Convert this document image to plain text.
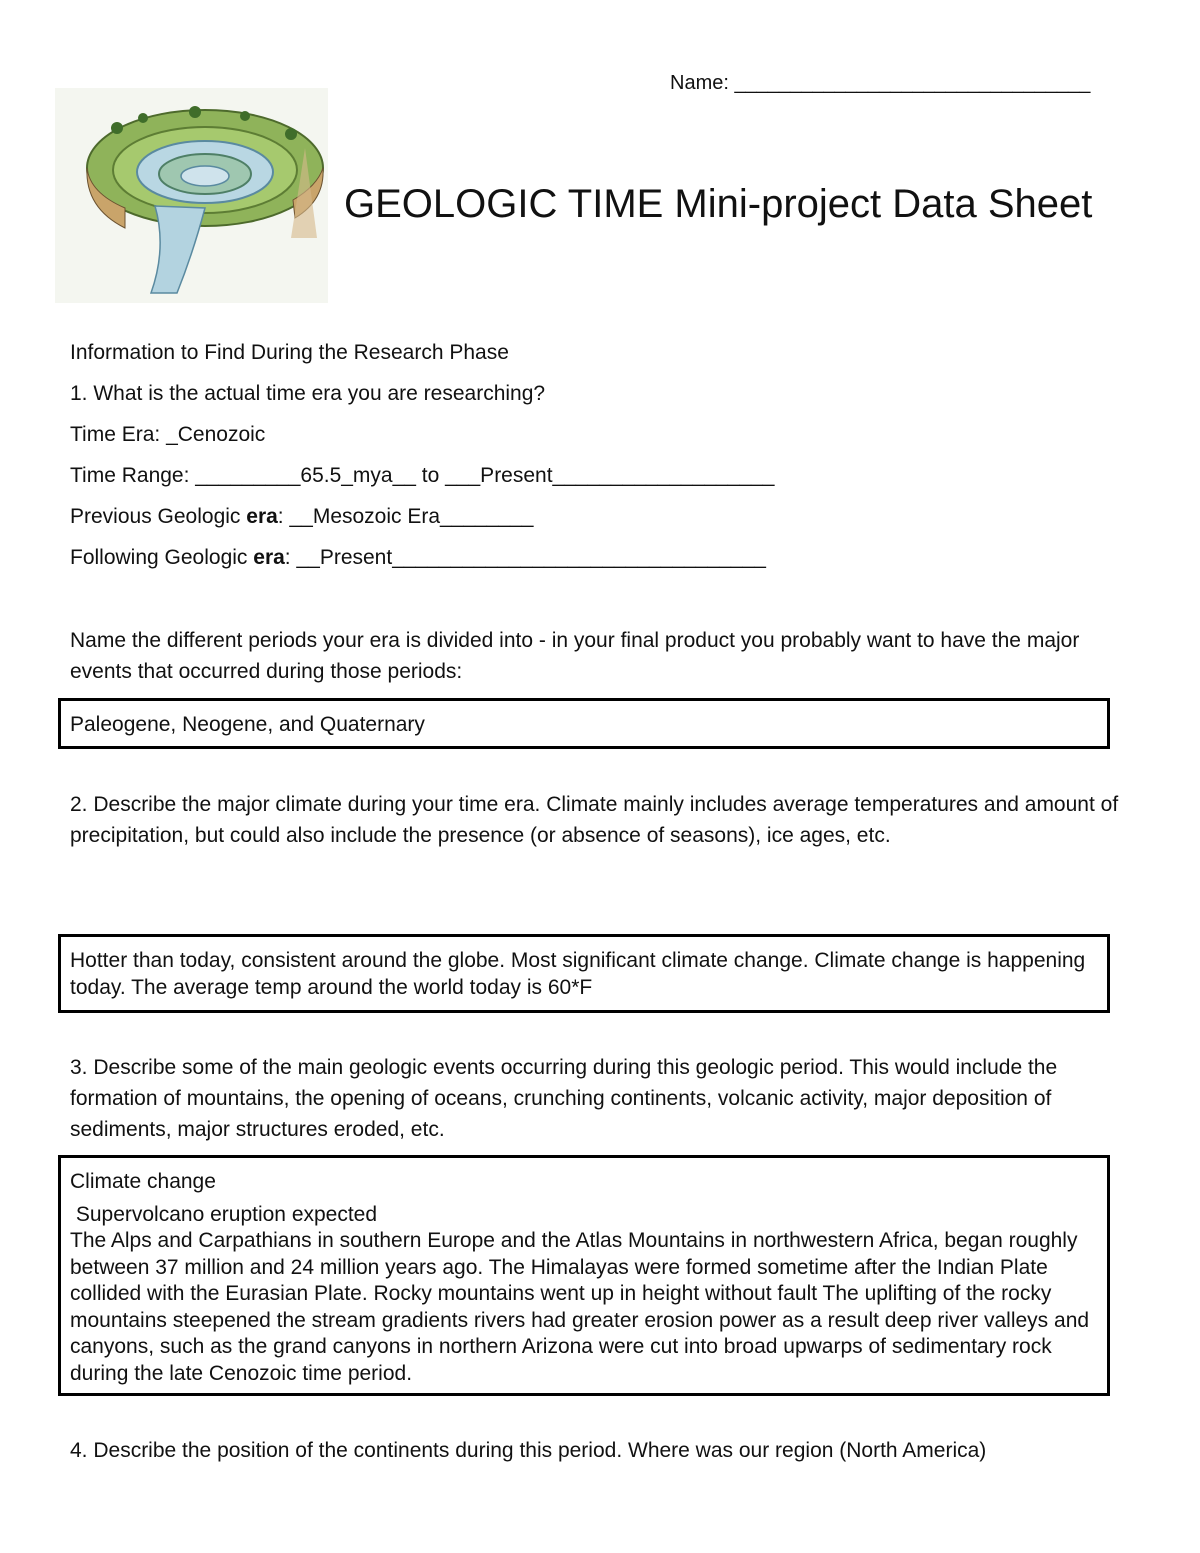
Name: ________________________________
GEOLOGIC TIME Mini-project Data Sheet
Information to Find During the Research Phase
1. What is the actual time era you are researching?
Time Era: _Cenozoic
Time Range: _________65.5_mya__ to ___Present___________________
Previous Geologic era: __Mesozoic Era________
Following Geologic era: __Present________________________________
Name the different periods your era is divided into - in your final product you probably want to have the major events that occurred during those periods:
Paleogene, Neogene, and Quaternary
2. Describe the major climate during your time era. Climate mainly includes average temperatures and amount of precipitation, but could also include the presence (or absence of seasons), ice ages, etc.
Hotter than today, consistent around the globe. Most significant climate change. Climate change is happening today. The average temp around the world today is 60*F
3. Describe some of the main geologic events occurring during this geologic period. This would include the formation of mountains, the opening of oceans, crunching continents, volcanic activity, major deposition of sediments, major structures eroded, etc.
Climate change
Supervolcano eruption expected
The Alps and Carpathians in southern Europe and the Atlas Mountains in northwestern Africa, began roughly between 37 million and 24 million years ago. The Himalayas were formed sometime after the Indian Plate collided with the Eurasian Plate. Rocky mountains went up in height without fault The uplifting of the rocky mountains steepened the stream gradients rivers had greater erosion power as a result deep river valleys and canyons, such as the grand canyons in northern Arizona were cut into broad upwarps of sedimentary rock during the late Cenozoic time period.
4. Describe the position of the continents during this period. Where was our region (North America)
